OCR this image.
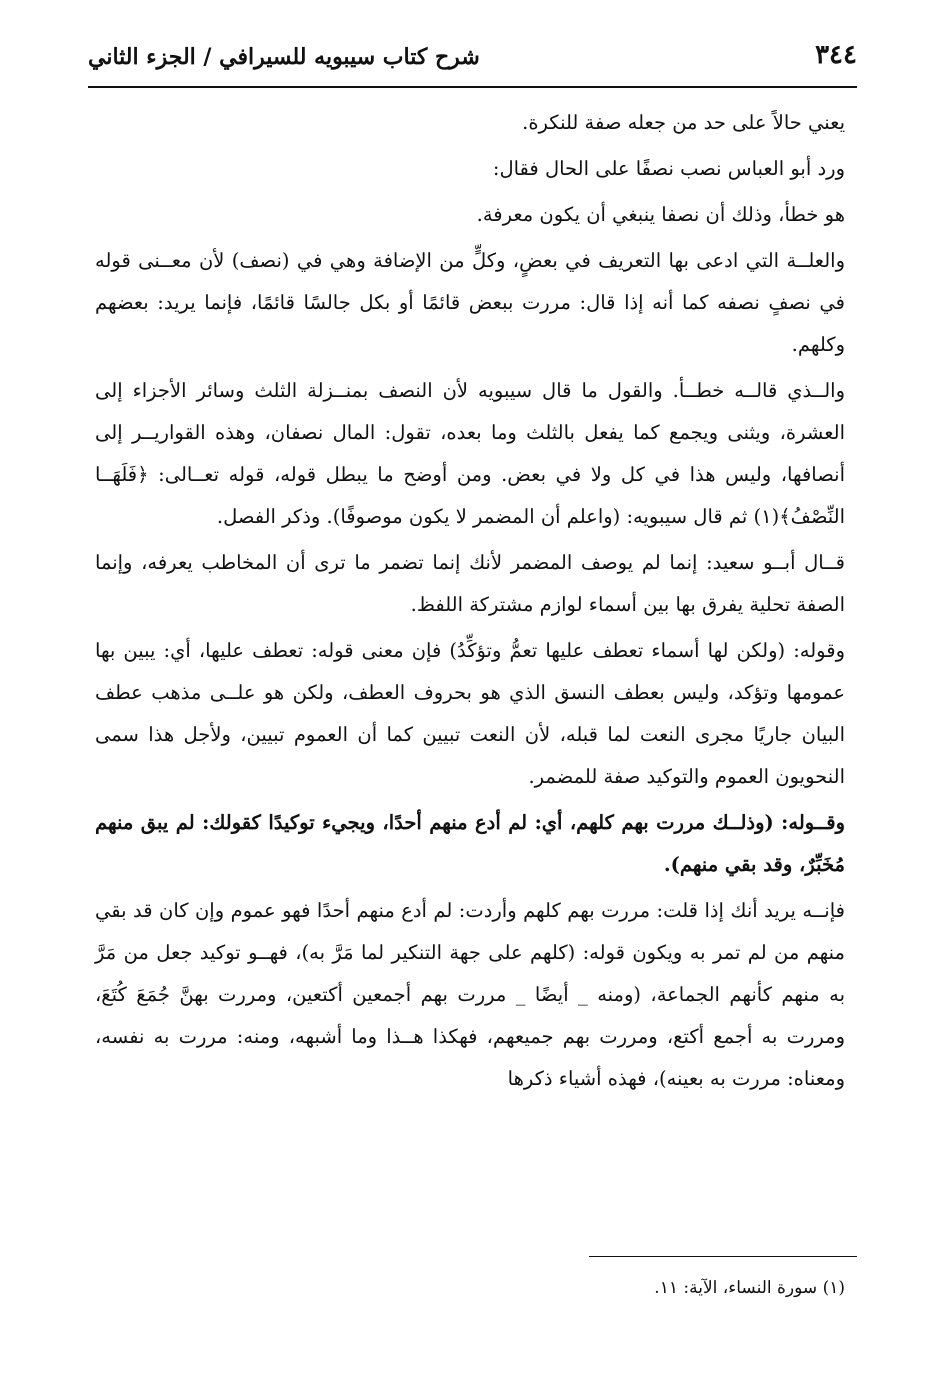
٣٤٤
شرح كتاب سيبويه للسيرافي / الجزء الثاني

يعني حالاً على حد من جعله صفة للنكرة.

ورد أبو العباس نصب نصفًا على الحال فقال:

هو خطأ، وذلك أن نصفا ينبغي أن يكون معرفة.

والعلــة التي ادعى بها التعريف في بعضٍ، وكلٍّ من الإضافة وهي في (نصف) لأن معــنى قوله في نصفٍ نصفه كما أنه إذا قال: مررت ببعض قائمًا أو بكل جالسًا قائمًا، فإنما يريد: بعضهم وكلهم.

والــذي قالــه خطــأ. والقول ما قال سيبويه لأن النصف بمنــزلة الثلث وسائر الأجزاء إلى العشرة، ويثنى ويجمع كما يفعل بالثلث وما بعده، تقول: المال نصفان، وهذه القواريــر إلى أنصافها، وليس هذا في كل ولا في بعض. ومن أوضح ما يبطل قوله، قوله تعــالى: ﴿فَلَهَــا النِّصْفُ﴾(١) ثم قال سيبويه: (واعلم أن المضمر لا يكون موصوفًا). وذكر الفصل.

قــال أبــو سعيد: إنما لم يوصف المضمر لأنك إنما تضمر ما ترى أن المخاطب يعرفه، وإنما الصفة تحلية يفرق بها بين أسماء لوازم مشتركة اللفظ.

وقوله: (ولكن لها أسماء تعطف عليها تعمُّ وتؤكِّدُ) فإن معنى قوله: تعطف عليها، أي: يبين بها عمومها وتؤكد، وليس بعطف النسق الذي هو بحروف العطف، ولكن هو علــى مذهب عطف البيان جاريًا مجرى النعت لما قبله، لأن النعت تبيين كما أن العموم تبيين، ولأجل هذا سمى النحويون العموم والتوكيد صفة للمضمر.

وقــوله: (وذلــك مررت بهم كلهم، أي: لم أدع منهم أحدًا، ويجيء توكيدًا كقولك: لم يبق منهم مُخَبِّرٌ، وقد بقي منهم).

فإنــه يريد أنك إذا قلت: مررت بهم كلهم وأردت: لم أدع منهم أحدًا فهو عموم وإن كان قد بقي منهم من لم تمر به ويكون قوله: (كلهم على جهة التنكير لما مَرَّ به)، فهــو توكيد جعل من مَرَّ به منهم كأنهم الجماعة، (ومنه _ أيضًا _ مررت بهم أجمعين أكتعين، ومررت بهنَّ جُمَعَ كُتَعَ، ومررت به أجمع أكتع، ومررت بهم جميعهم، فهكذا هــذا وما أشبهه، ومنه: مررت به نفسه، ومعناه: مررت به بعينه)، فهذه أشياء ذكرها

(١) سورة النساء، الآية: ١١.
